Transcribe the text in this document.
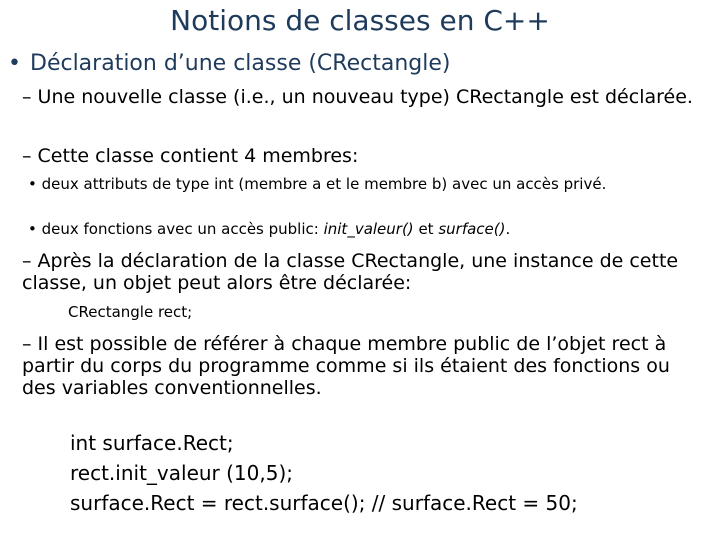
Notions de classes en C++
• Déclaration d’une classe (CRectangle)
– Une nouvelle classe (i.e., un nouveau type) CRectangle est déclarée.
– Cette classe contient 4 membres:
• deux attributs de type int (membre a et le membre b) avec un accès privé.
• deux fonctions avec un accès public: init_valeur() et surface().
– Après la déclaration de la classe CRectangle, une instance de cette classe, un objet peut alors être déclarée:
CRectangle rect;
– Il est possible de référer à chaque membre public de l’objet rect à partir du corps du programme comme si ils étaient des fonctions ou des variables conventionnelles.
int surface.Rect;
rect.init_valeur (10,5);
surface.Rect = rect.surface(); // surface.Rect = 50;
